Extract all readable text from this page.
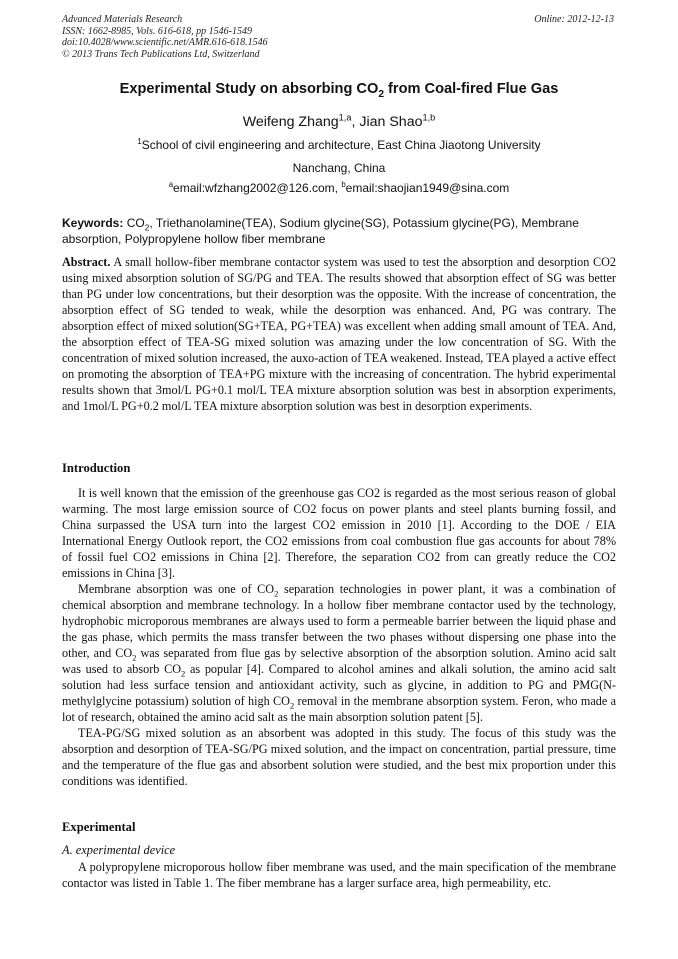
Advanced Materials Research
ISSN: 1662-8985, Vols. 616-618, pp 1546-1549
doi:10.4028/www.scientific.net/AMR.616-618.1546
© 2013 Trans Tech Publications Ltd, Switzerland
Online: 2012-12-13
Experimental Study on absorbing $CO_2$ from Coal-fired Flue Gas
Weifeng Zhang$^{1,a}$, Jian Shao$^{1,b}$
$^1$School of civil engineering and architecture, East China Jiaotong University
Nanchang, China
$^a$email:wfzhang2002@126.com, $^b$email:shaojian1949@sina.com
Keywords: $CO_2$, Triethanolamine(TEA), Sodium glycine(SG), Potassium glycine(PG), Membrane absorption, Polypropylene hollow fiber membrane

Abstract. A small hollow-fiber membrane contactor system was used to test the absorption and desorption CO2 using mixed absorption solution of SG/PG and TEA. The results showed that absorption effect of SG was better than PG under low concentrations, but their desorption was the opposite. With the increase of concentration, the absorption effect of SG tended to weak, while the desorption was enhanced. And, PG was contrary. The absorption effect of mixed solution(SG+TEA, PG+TEA) was excellent when adding small amount of TEA. And, the absorption effect of TEA-SG mixed solution was amazing under the low concentration of SG. With the concentration of mixed solution increased, the auxo-action of TEA weakened. Instead, TEA played a active effect on promoting the absorption of TEA+PG mixture with the increasing of concentration. The hybrid experimental results shown that 3mol/L PG+0.1 mol/L TEA mixture absorption solution was best in absorption experiments, and 1mol/L PG+0.2 mol/L TEA mixture absorption solution was best in desorption experiments.

Introduction

It is well known that the emission of the greenhouse gas CO2 is regarded as the most serious reason of global warming. The most large emission source of CO2 focus on power plants and steel plants burning fossil, and China surpassed the USA turn into the largest CO2 emission in 2010 [1]. According to the DOE / EIA International Energy Outlook report, the CO2 emissions from coal combustion flue gas accounts for about 78% of fossil fuel CO2 emissions in China [2]. Therefore, the separation CO2 from can greatly reduce the CO2 emissions in China [3].

Membrane absorption was one of $CO_2$ separation technologies in power plant, it was a combination of chemical absorption and membrane technology. In a hollow fiber membrane contactor used by the technology, hydrophobic microporous membranes are always used to form a permeable barrier between the liquid phase and the gas phase, which permits the mass transfer between the two phases without dispersing one phase into the other, and $CO_2$ was separated from flue gas by selective absorption of the absorption solution. Amino acid salt was used to absorb $CO_2$ as popular [4]. Compared to alcohol amines and alkali solution, the amino acid salt solution had less surface tension and antioxidant activity, such as glycine, in addition to PG and PMG(N-methylglycine potassium) solution of high $CO_2$ removal in the membrane absorption system. Feron, who made a lot of research, obtained the amino acid salt as the main absorption solution patent [5].

TEA-PG/SG mixed solution as an absorbent was adopted in this study. The focus of this study was the absorption and desorption of TEA-SG/PG mixed solution, and the impact on concentration, partial pressure, time and the temperature of the flue gas and absorbent solution were studied, and the best mix proportion under this conditions was identified.

Experimental
A. experimental device

A polypropylene microporous hollow fiber membrane was used, and the main specification of the membrane contactor was listed in Table 1. The fiber membrane has a larger surface area, high permeability, etc.
